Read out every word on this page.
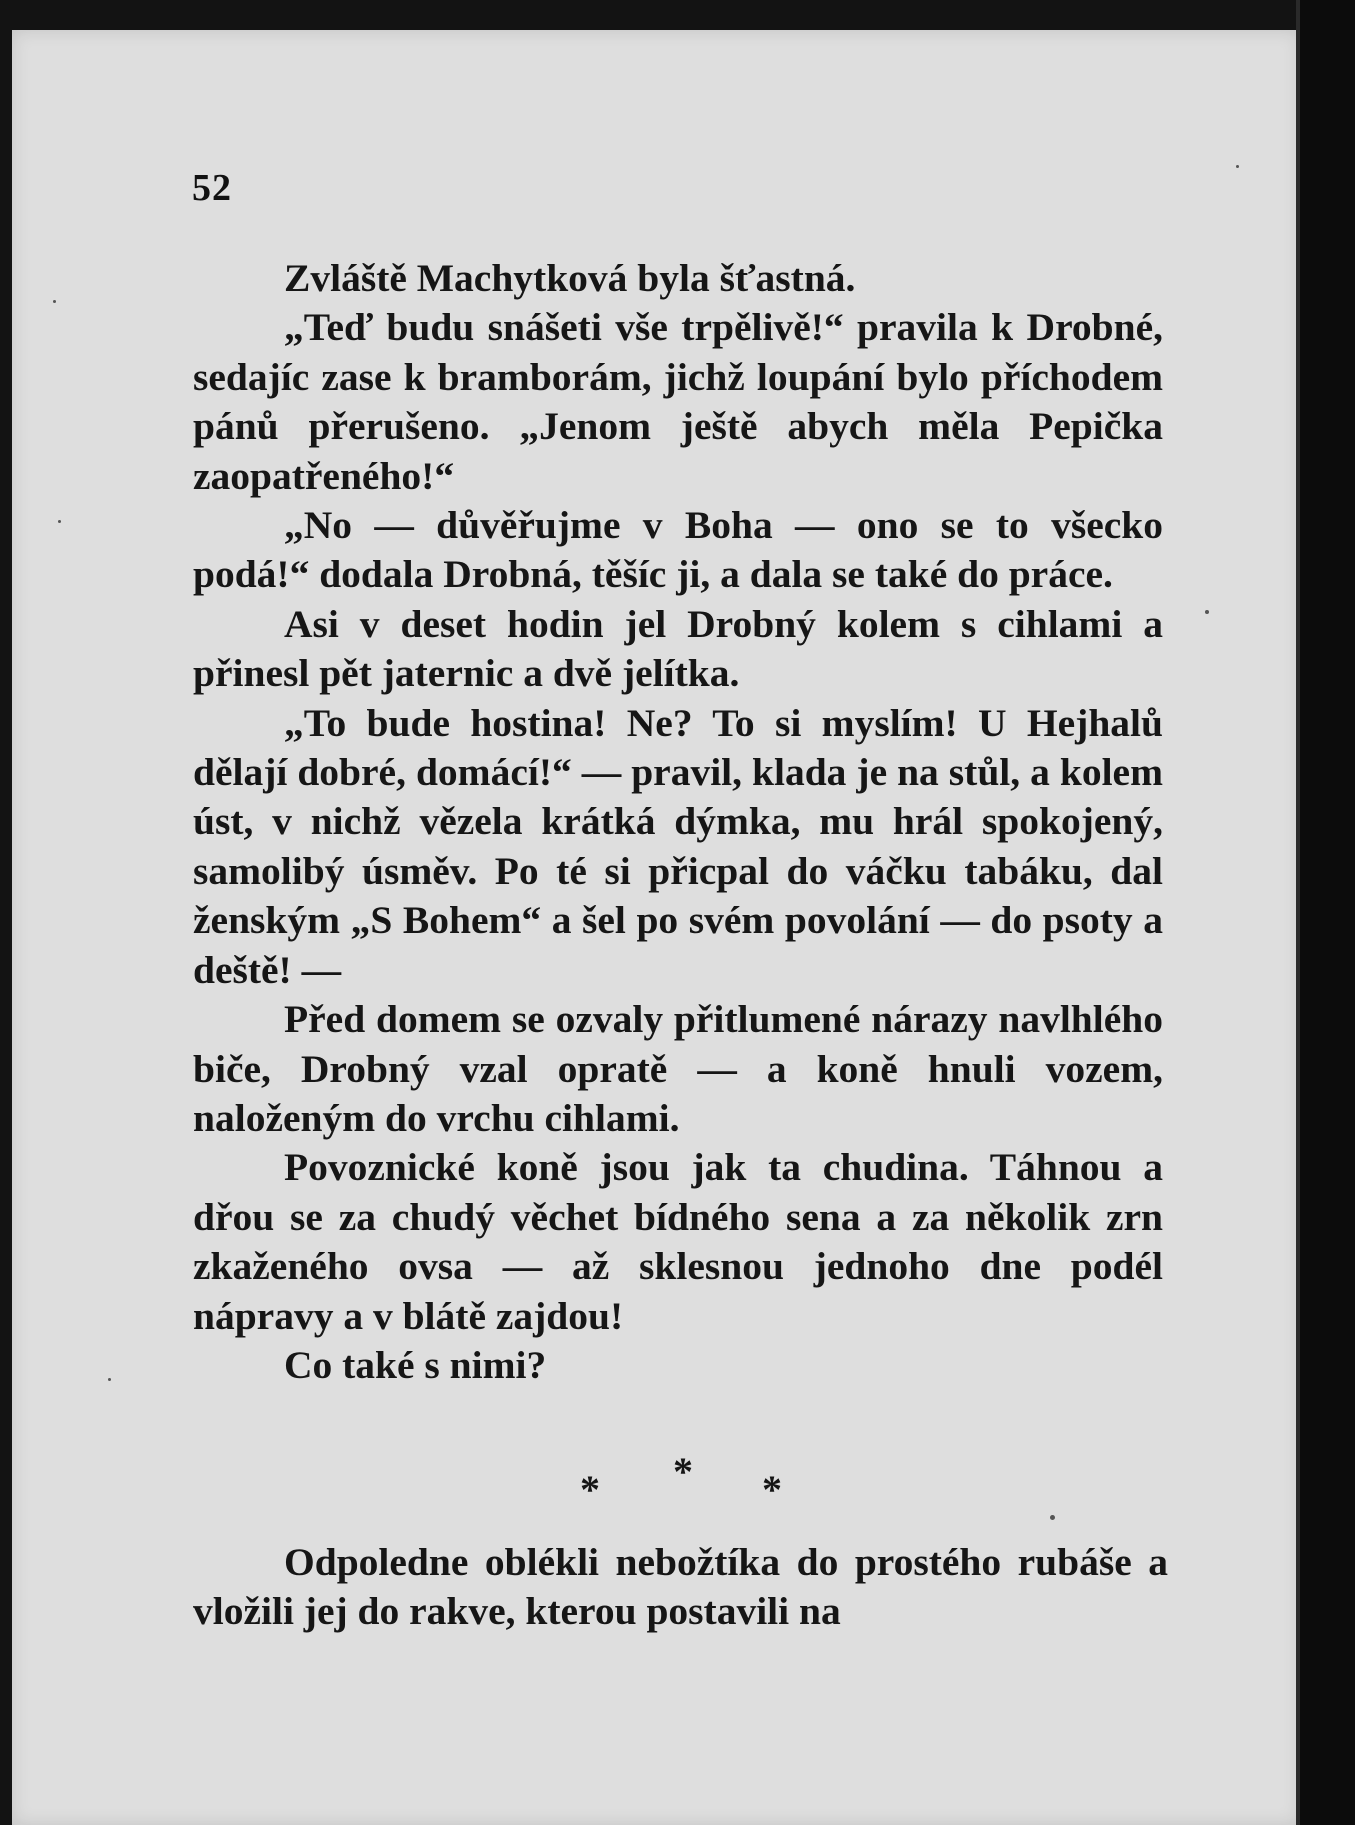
52

Zvláště Machytková byla šťastná.

„Teď budu snášeti vše trpělivě!“ pravila k Drobné, sedajíc zase k bramborám, jichž loupání bylo příchodem pánů přerušeno. „Jenom ještě abych měla Pepička zaopatřeného!“

„No — důvěřujme v Boha — ono se to všecko podá!“ dodala Drobná, těšíc ji, a dala se také do práce.

Asi v deset hodin jel Drobný kolem s cihlami a přinesl pět jaternic a dvě jelítka.

„To bude hostina! Ne? To si myslím! U Hejhalů dělají dobré, domácí!“ — pravil, klada je na stůl, a kolem úst, v nichž vězela krátká dýmka, mu hrál spokojený, samolibý úsměv. Po té si přicpal do váčku tabáku, dal ženským „S Bohem“ a šel po svém povolání — do psoty a deště! —

Před domem se ozvaly přitlumené nárazy navlhlého biče, Drobný vzal opratě — a koně hnuli vozem, naloženým do vrchu cihlami.

Povoznické koně jsou jak ta chudina. Táhnou a dřou se za chudý věchet bídného sena a za několik zrn zkaženého ovsa — až sklesnou jednoho dne podél nápravy a v blátě zajdou!

Co také s nimi?

* * *

Odpoledne oblékli nebožtíka do prostého rubáše a vložili jej do rakve, kterou postavili na
